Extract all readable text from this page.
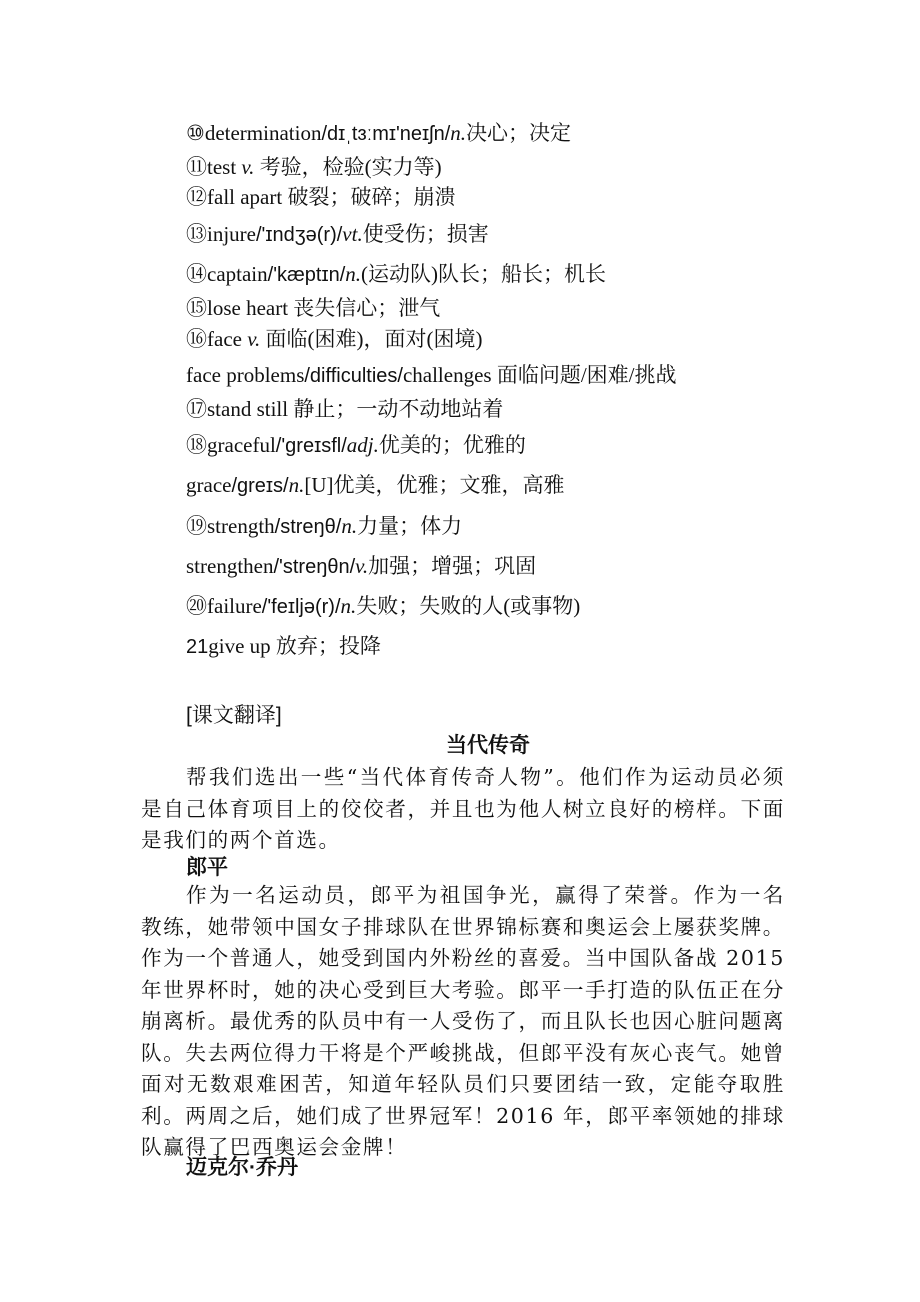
⑩determination/dɪˌtɜːmɪ'neɪʃn/n.决心；决定
⑪test v. 考验，检验(实力等)
⑫fall apart 破裂；破碎；崩溃
⑬injure/'ɪndʒə(r)/vt.使受伤；损害
⑭captain/'kæptɪn/n.(运动队)队长；船长；机长
⑮lose heart 丧失信心；泄气
⑯face v. 面临(困难)，面对(困境)
face problems/difficulties/challenges 面临问题/困难/挑战
⑰stand still 静止；一动不动地站着
⑱graceful/'greɪsfl/adj.优美的；优雅的
grace/greɪs/n.[U]优美，优雅；文雅，高雅
⑲strength/streŋθ/n.力量；体力
strengthen/'streŋθn/v.加强；增强；巩固
⑳failure/'feɪljə(r)/n.失败；失败的人(或事物)
21give up 放弃；投降
[课文翻译]
当代传奇

帮我们选出一些“当代体育传奇人物”。他们作为运动员必须是自己体育项目上的佼佼者，并且也为他人树立良好的榜样。下面是我们的两个首选。

郎平

作为一名运动员，郎平为祖国争光，赢得了荣誉。作为一名教练，她带领中国女子排球队在世界锦标赛和奥运会上屡获奖牌。作为一个普通人，她受到国内外粉丝的喜爱。当中国队备战 2015 年世界杯时，她的决心受到巨大考验。郎平一手打造的队伍正在分崩离析。最优秀的队员中有一人受伤了，而且队长也因心脏问题离队。失去两位得力干将是个严峻挑战，但郎平没有灰心丧气。她曾面对无数艰难困苦，知道年轻队员们只要团结一致，定能夺取胜利。两周之后，她们成了世界冠军！2016 年，郎平率领她的排球队赢得了巴西奥运会金牌！

迈克尔·乔丹
